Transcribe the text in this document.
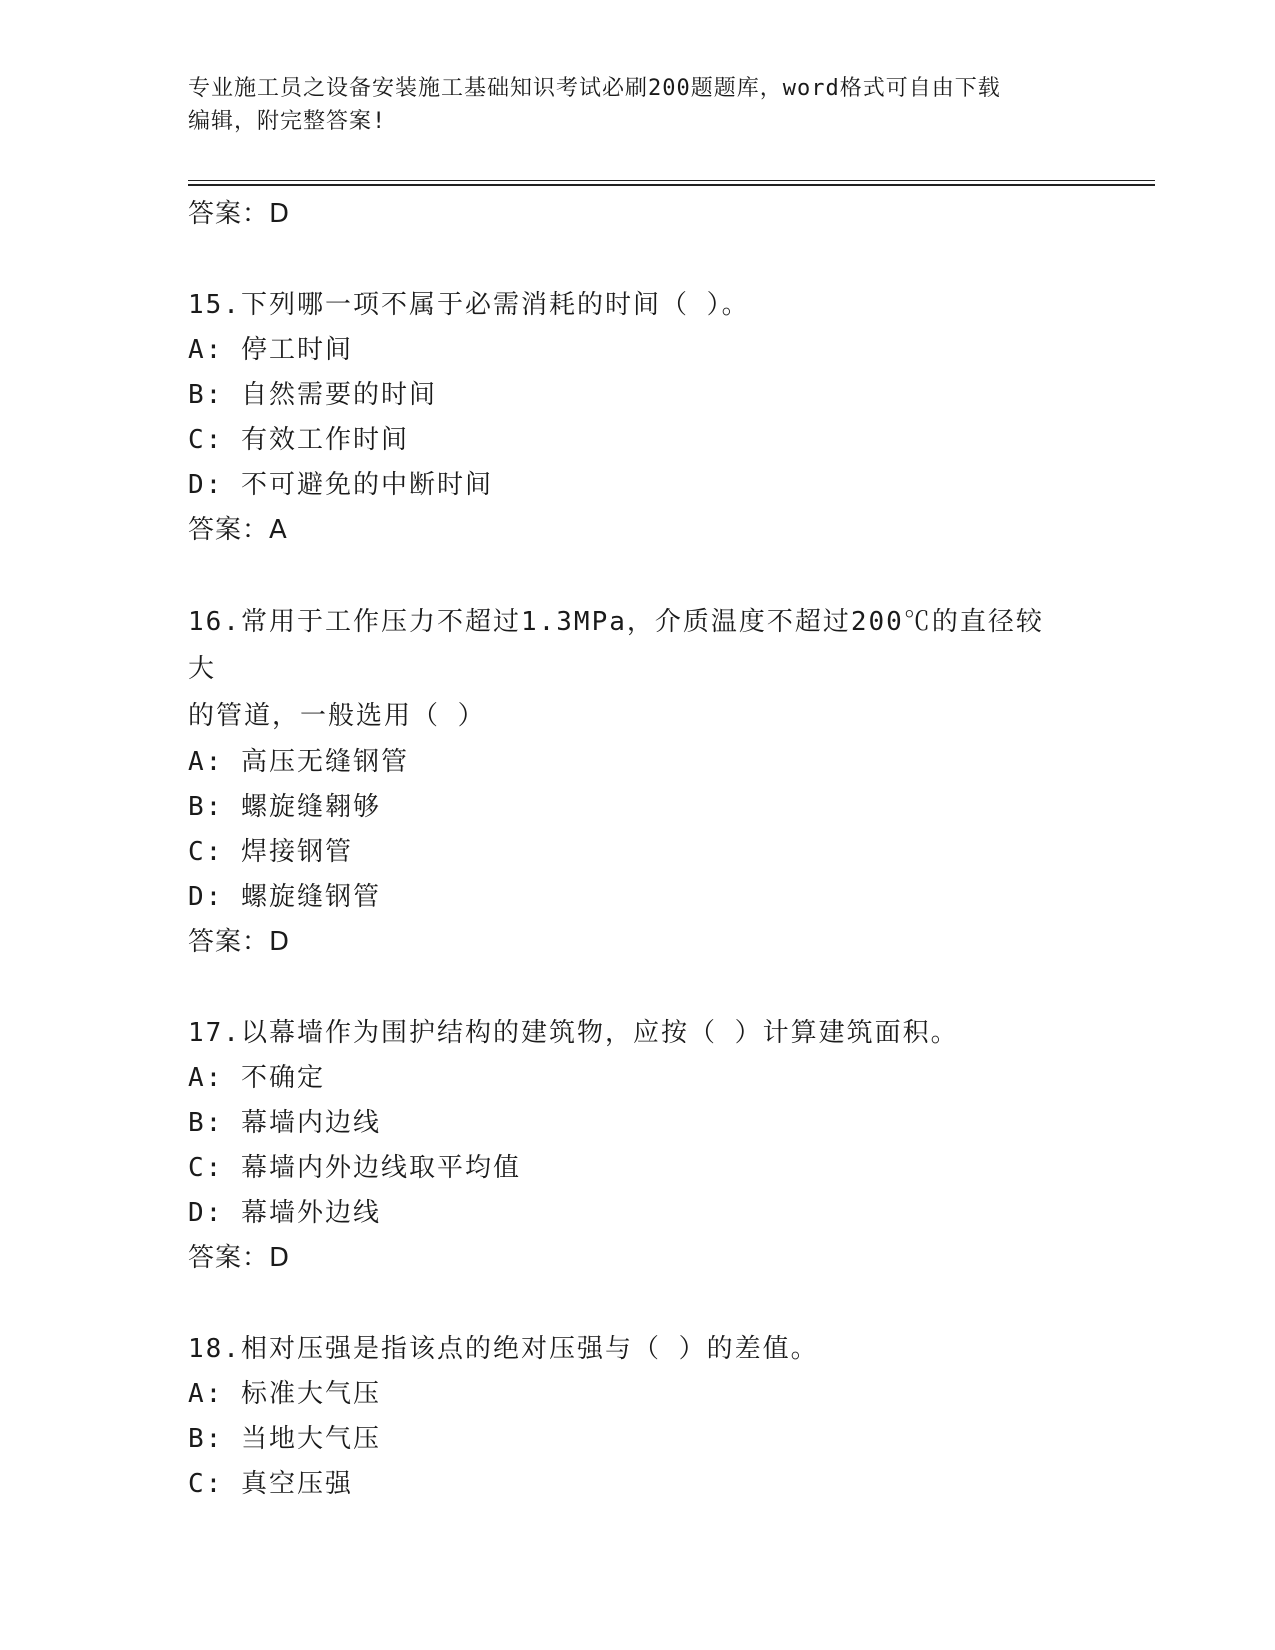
专业施工员之设备安装施工基础知识考试必刷200题题库，word格式可自由下载
编辑，附完整答案!
答案：D
15.下列哪一项不属于必需消耗的时间（ ）。
A: 停工时间
B: 自然需要的时间
C: 有效工作时间
D: 不可避免的中断时间
答案：A
16.常用于工作压力不超过1.3MPa，介质温度不超过200℃的直径较大
的管道，一般选用（ ）
A: 高压无缝钢管
B: 螺旋缝翱够
C: 焊接钢管
D: 螺旋缝钢管
答案：D
17.以幕墙作为围护结构的建筑物，应按（ ）计算建筑面积。
A: 不确定
B: 幕墙内边线
C: 幕墙内外边线取平均值
D: 幕墙外边线
答案：D
18.相对压强是指该点的绝对压强与（ ）的差值。
A: 标准大气压
B: 当地大气压
C: 真空压强
